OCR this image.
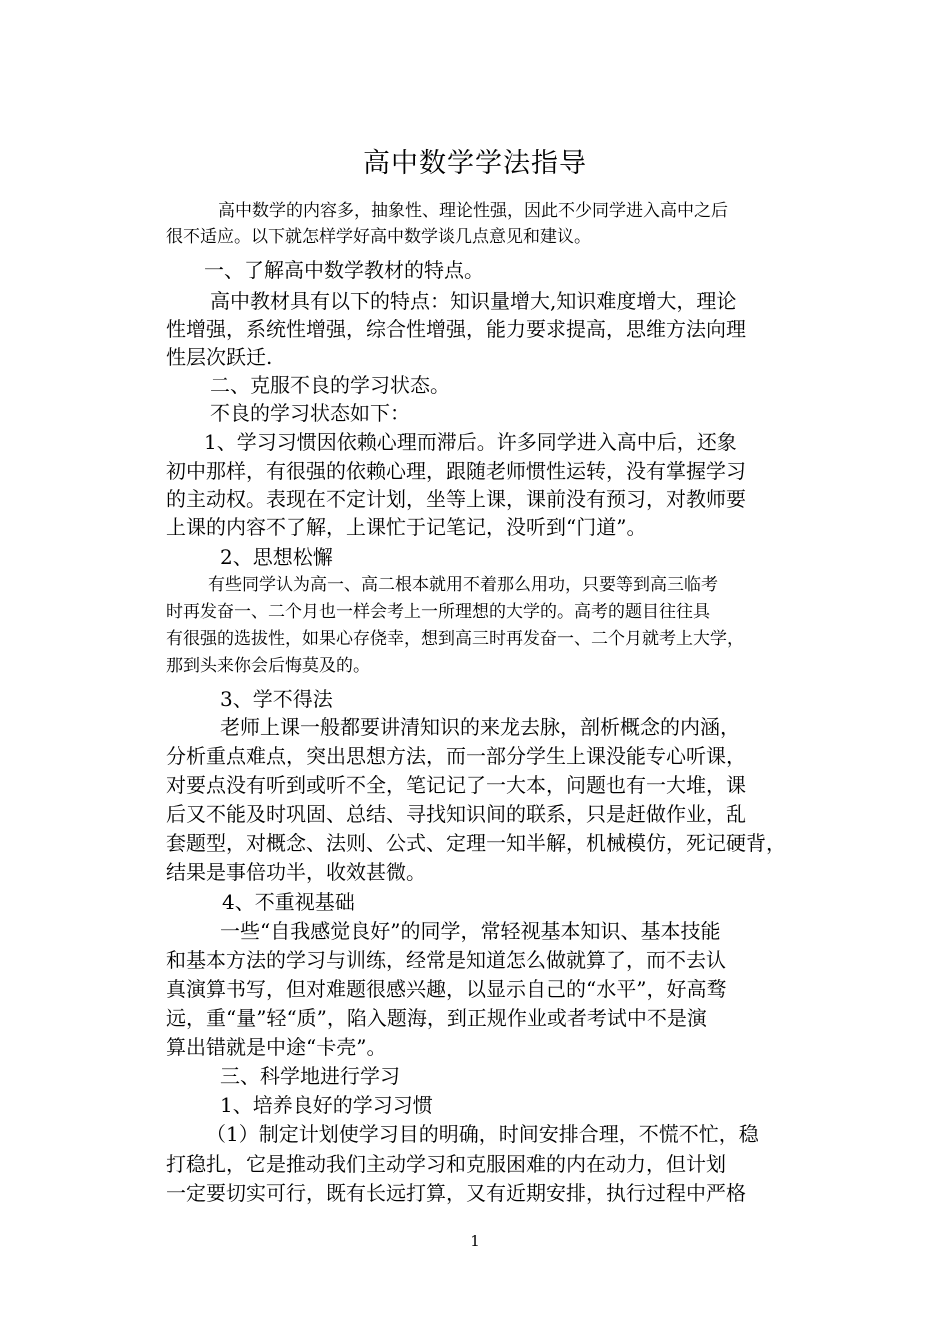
高中数学学法指导
高中数学的内容多，抽象性、理论性强，因此不少同学进入高中之后
很不适应。以下就怎样学好高中数学谈几点意见和建议。
一、了解高中数学教材的特点。
高中教材具有以下的特点：知识量增大,知识难度增大，理论
性增强，系统性增强，综合性增强，能力要求提高，思维方法向理
性层次跃迁.
二、克服不良的学习状态。
不良的学习状态如下：
1、学习习惯因依赖心理而滞后。许多同学进入高中后，还象
初中那样，有很强的依赖心理，跟随老师惯性运转，没有掌握学习
的主动权。表现在不定计划，坐等上课，课前没有预习，对教师要
上课的内容不了解，上课忙于记笔记，没听到“门道”。
2、思想松懈
有些同学认为高一、高二根本就用不着那么用功，只要等到高三临考
时再发奋一、二个月也一样会考上一所理想的大学的。高考的题目往往具
有很强的选拔性，如果心存侥幸，想到高三时再发奋一、二个月就考上大学，
那到头来你会后悔莫及的。
3、学不得法
老师上课一般都要讲清知识的来龙去脉，剖析概念的内涵，
分析重点难点，突出思想方法，而一部分学生上课没能专心听课，
对要点没有听到或听不全，笔记记了一大本，问题也有一大堆，课
后又不能及时巩固、总结、寻找知识间的联系，只是赶做作业，乱
套题型，对概念、法则、公式、定理一知半解，机械模仿，死记硬背，
结果是事倍功半，收效甚微。
4、不重视基础
一些“自我感觉良好”的同学，常轻视基本知识、基本技能
和基本方法的学习与训练，经常是知道怎么做就算了，而不去认
真演算书写，但对难题很感兴趣，以显示自己的“水平”，好高骛
远，重“量”轻“质”，陷入题海，到正规作业或者考试中不是演
算出错就是中途“卡壳”。
三、科学地进行学习
1、培养良好的学习习惯
（1）制定计划使学习目的明确，时间安排合理，不慌不忙，稳
打稳扎，它是推动我们主动学习和克服困难的内在动力，但计划
一定要切实可行，既有长远打算，又有近期安排，执行过程中严格
1
